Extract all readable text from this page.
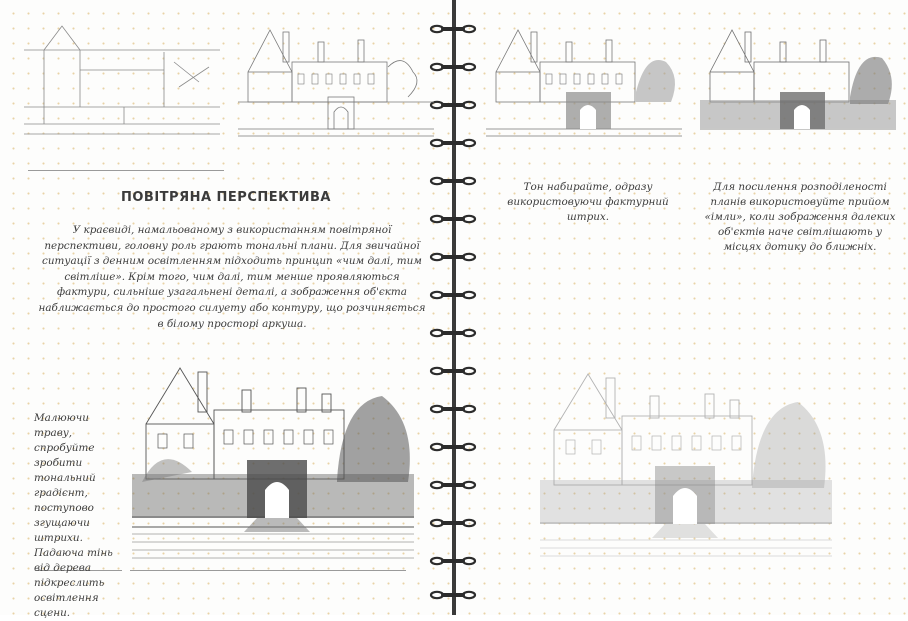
ПОВІТРЯНА ПЕРСПЕКТИВА
У краєвиді, намальованому з використанням повітряної перспективи, головну роль грають тональні плани. Для звичайної ситуації з денним освітленням підходить принцип «чим далі, тим світліше». Крім того, чим далі, тим менше проявляються фактури, сильніше узагальнені деталі, а зображення об'єкта наближається до простого силуету або контуру, що розчиняється в білому просторі аркуша.
Малюючи траву, спробуйте зробити тональний градієнт, поступово згущаючи штрихи. Падаюча тінь від дерева підкреслить освітлення сцени.
Тон набирайте, одразу використовуючи фактурний штрих.
Для посилення розподіленості планів використовуйте прийом «імли», коли зображення далеких об'єктів наче світлішають у місцях дотику до ближніх.
